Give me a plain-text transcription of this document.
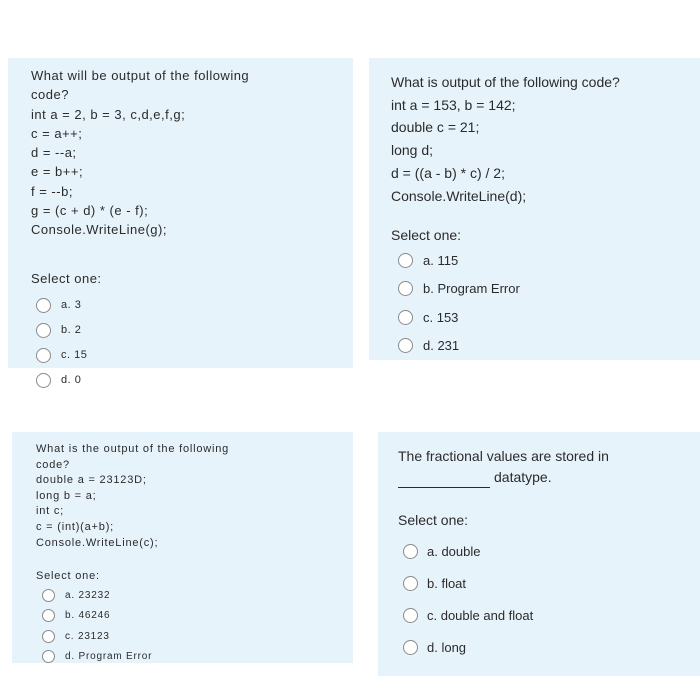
What will be output of the following
code?
int a = 2, b = 3, c,d,e,f,g;
c = a++;
d = --a;
e = b++;
f = --b;
g = (c + d) * (e - f);
Console.WriteLine(g);
Select one:
a. 3
b. 2
c. 15
d. 0
What is output of the following code?
int a = 153, b = 142;
double c = 21;
long d;
d = ((a - b) * c) / 2;
Console.WriteLine(d);
Select one:
a. 115
b. Program Error
c. 153
d. 231
What is the output of the following
code?
double a = 23123D;
long b = a;
int c;
c = (int)(a+b);
Console.WriteLine(c);
Select one:
a. 23232
b. 46246
c. 23123
d. Program Error
The fractional values are stored in
datatype.
Select one:
a. double
b. float
c. double and float
d. long
